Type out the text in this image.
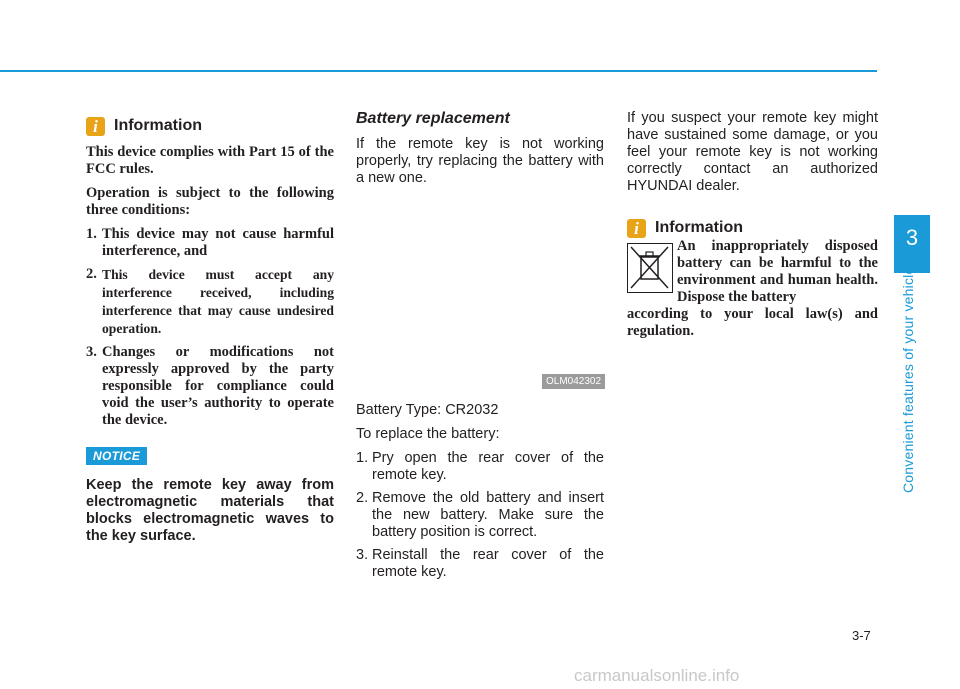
3
Convenient features of your vehicle
i	Information

This device complies with Part 15 of the FCC rules.

Operation is subject to the following three conditions:

1. This device may not cause harmful interference, and
2. This device must accept any interference received, including interference that may cause undesired operation.
3. Changes or modifications not expressly approved by the party responsible for compliance could void the user’s authority to operate the device.
NOTICE

Keep the remote key away from electromagnetic materials that blocks electromagnetic waves to the key surface.

Battery replacement

If the remote key is not working properly, try replacing the battery with a new one.

OLM042302

Battery Type: CR2032

To replace the battery:

1. Pry open the rear cover of the remote key.
2. Remove the old battery and insert the new battery. Make sure the battery position is correct.
3. Reinstall the rear cover of the remote key.

If you suspect your remote key might have sustained some damage, or you feel your remote key is not working correctly contact an authorized HYUNDAI dealer.

i	Information

An inappropriately disposed battery can be harmful to the environment and human health. Dispose the battery

according to your local law(s) and regulation.

3-7
carmanualsonline.info
